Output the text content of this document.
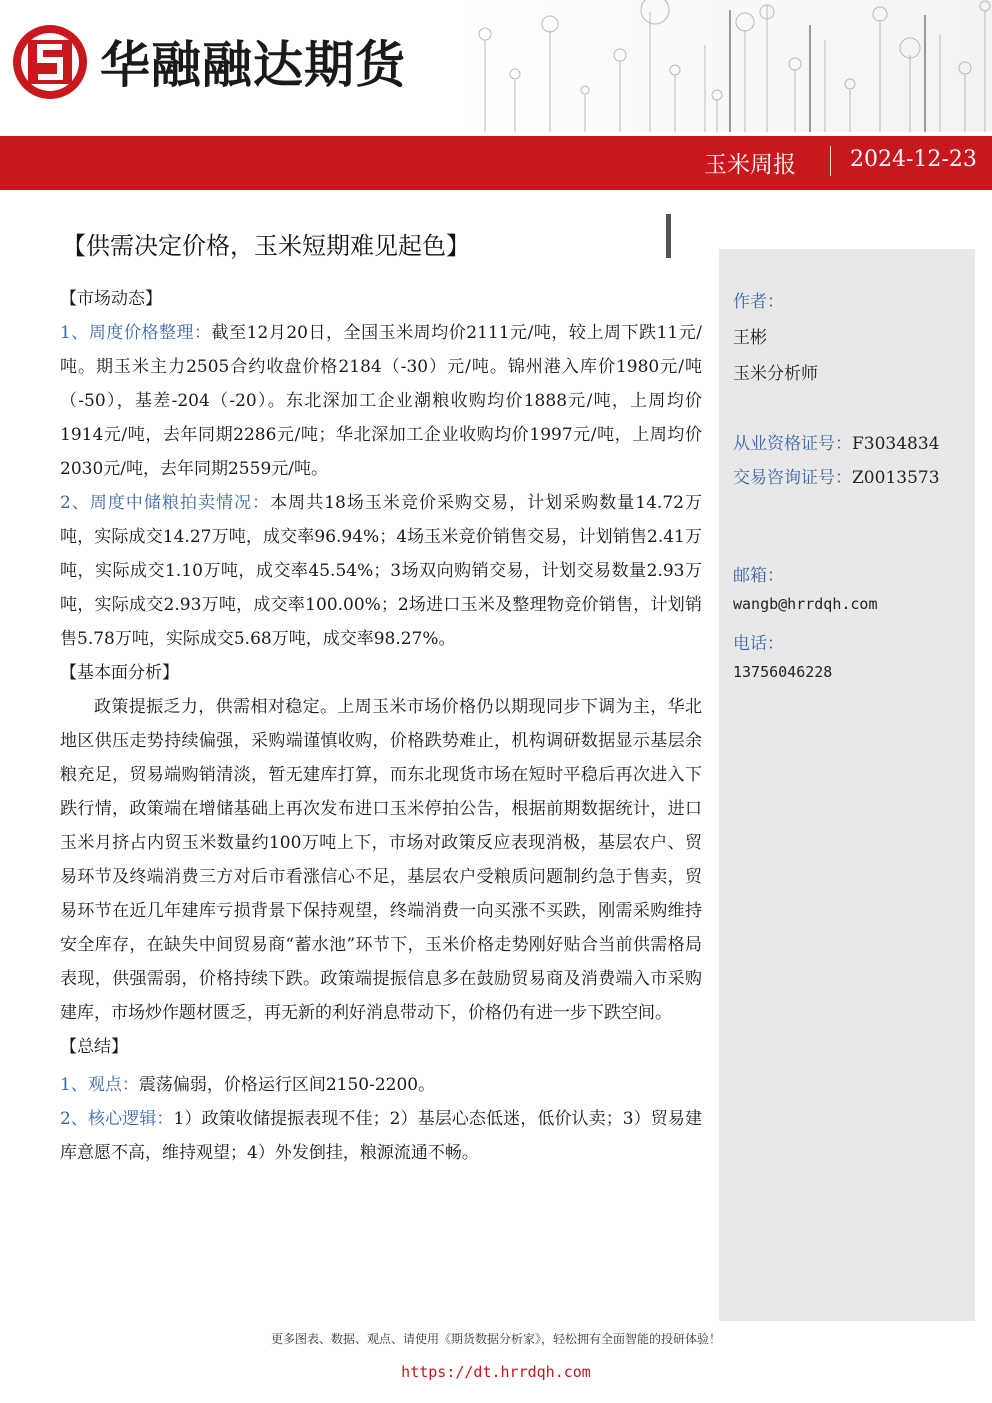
华融融达期货
玉米周报 2024-12-23
【供需决定价格，玉米短期难见起色】
作者：
王彬
玉米分析师
从业资格证号：F3034834
交易咨询证号：Z0013573
邮箱：
wangb@hrrdqh.com
电话：
13756046228
【市场动态】

1、周度价格整理：截至12月20日，全国玉米周均价2111元/吨，较上周下跌11元/吨。期玉米主力2505合约收盘价格2184（-30）元/吨。锦州港入库价1980元/吨（-50），基差-204（-20）。东北深加工企业潮粮收购均价1888元/吨，上周均价1914元/吨，去年同期2286元/吨；华北深加工企业收购均价1997元/吨，上周均价2030元/吨，去年同期2559元/吨。

2、周度中储粮拍卖情况：本周共18场玉米竞价采购交易，计划采购数量14.72万吨，实际成交14.27万吨，成交率96.94%；4场玉米竞价销售交易，计划销售2.41万吨，实际成交1.10万吨，成交率45.54%；3场双向购销交易，计划交易数量2.93万吨，实际成交2.93万吨，成交率100.00%；2场进口玉米及整理物竞价销售，计划销售5.78万吨，实际成交5.68万吨，成交率98.27%。

【基本面分析】

政策提振乏力，供需相对稳定。上周玉米市场价格仍以期现同步下调为主，华北地区供压走势持续偏强，采购端谨慎收购，价格跌势难止，机构调研数据显示基层余粮充足，贸易端购销清淡，暂无建库打算，而东北现货市场在短时平稳后再次进入下跌行情，政策端在增储基础上再次发布进口玉米停拍公告，根据前期数据统计，进口玉米月挤占内贸玉米数量约100万吨上下，市场对政策反应表现消极，基层农户、贸易环节及终端消费三方对后市看涨信心不足，基层农户受粮质问题制约急于售卖，贸易环节在近几年建库亏损背景下保持观望，终端消费一向买涨不买跌，刚需采购维持安全库存，在缺失中间贸易商“蓄水池”环节下，玉米价格走势刚好贴合当前供需格局表现，供强需弱，价格持续下跌。政策端提振信息多在鼓励贸易商及消费端入市采购建库，市场炒作题材匮乏，再无新的利好消息带动下，价格仍有进一步下跌空间。

【总结】

1、观点：震荡偏弱，价格运行区间2150-2200。

2、核心逻辑：1）政策收储提振表现不佳；2）基层心态低迷，低价认卖；3）贸易建库意愿不高，维持观望；4）外发倒挂，粮源流通不畅。

更多图表、数据、观点、请使用《期货数据分析家》，轻松拥有全面智能的投研体验！
https://dt.hrrdqh.com
